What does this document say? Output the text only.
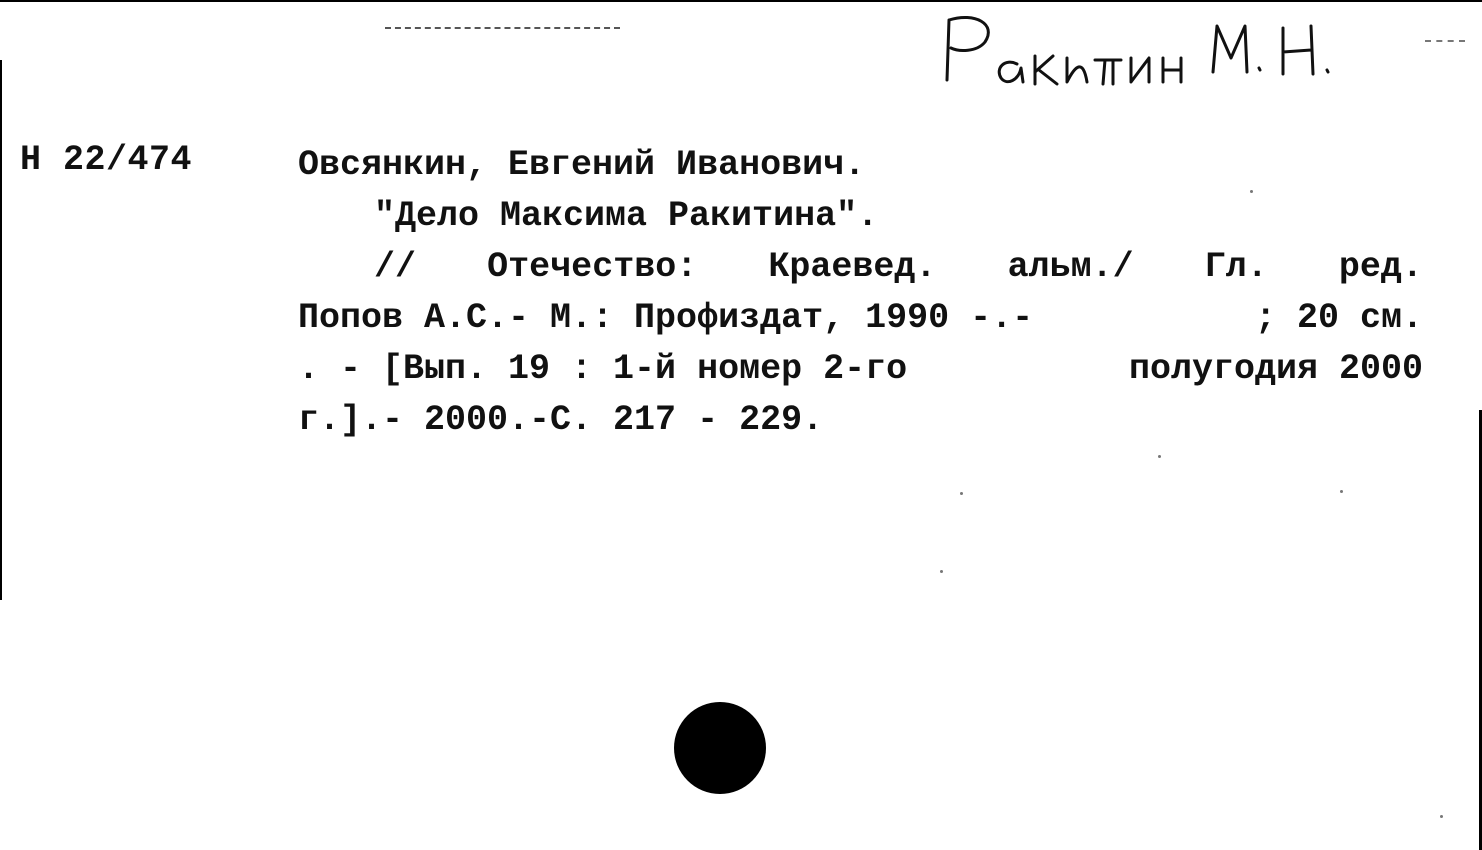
Н 22/474	Овсянкин, Евгений Иванович.
"Дело Максима Ракитина".
// Отечество: Краевед. альм./ Гл. ред.
Попов А.С.- М.: Профиздат, 1990 -.-	; 20 см.
. - [Вып. 19 : 1-й номер 2-го	полугодия 2000
г.].- 2000.-С. 217 - 229.
